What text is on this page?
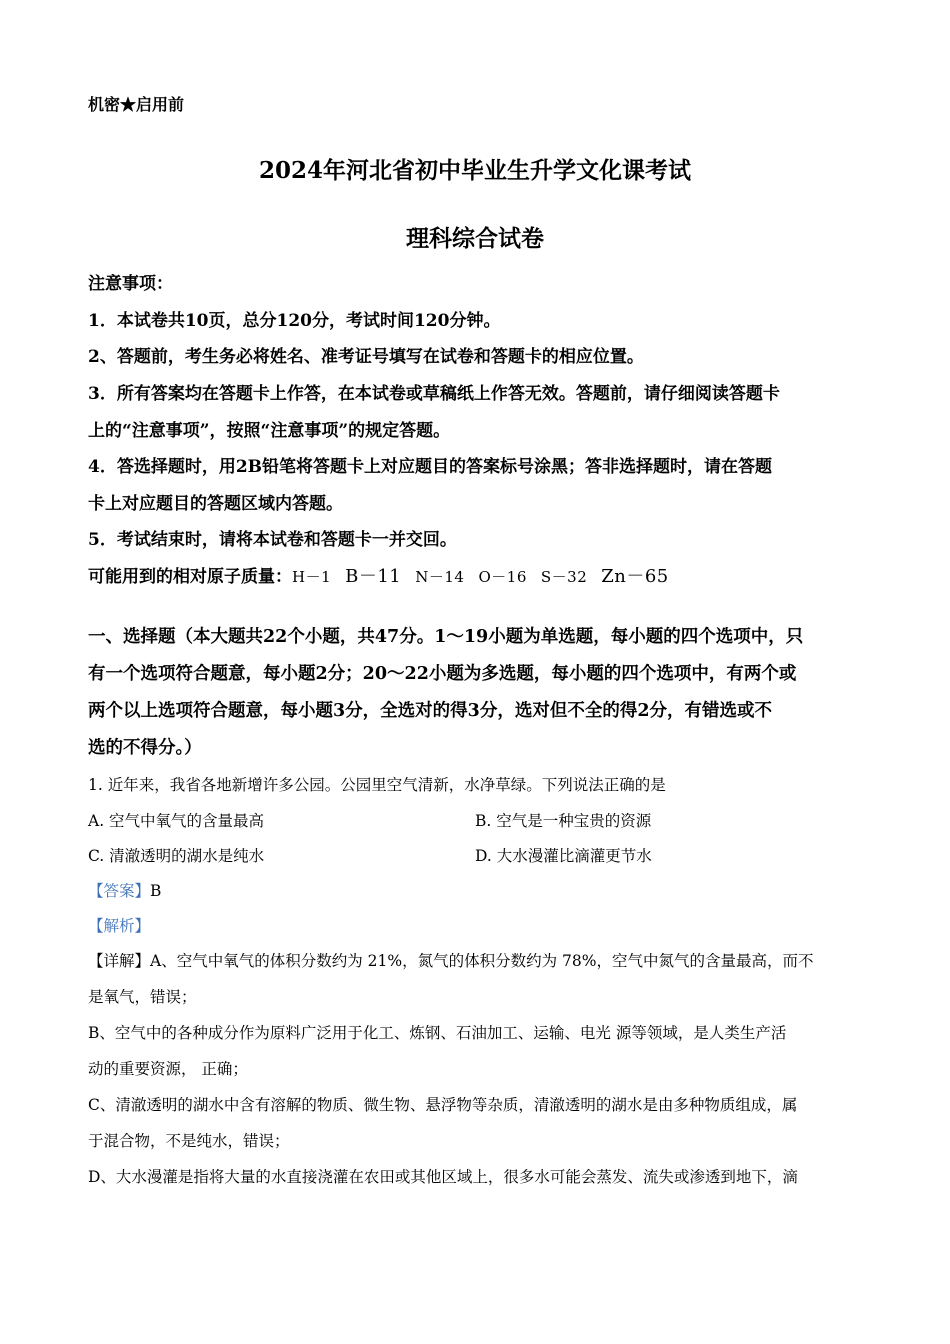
机密★启用前
2024年河北省初中毕业生升学文化课考试
理科综合试卷
注意事项：
1．本试卷共10页，总分120分，考试时间120分钟。
2、答题前，考生务必将姓名、准考证号填写在试卷和答题卡的相应位置。
3．所有答案均在答题卡上作答，在本试卷或草稿纸上作答无效。答题前，请仔细阅读答题卡
上的“注意事项”，按照“注意事项”的规定答题。
4．答选择题时，用2B铅笔将答题卡上对应题目的答案标号涂黑；答非选择题时，请在答题
卡上对应题目的答题区域内答题。
5．考试结束时，请将本试卷和答题卡一并交回。
可能用到的相对原子质量：H－1 B－11 N－14 O－16 S－32 Zn－65
一、选择题（本大题共22个小题，共47分。1～19小题为单选题，每小题的四个选项中，只
有一个选项符合题意，每小题2分；20～22小题为多选题，每小题的四个选项中，有两个或
两个以上选项符合题意，每小题3分，全选对的得3分，选对但不全的得2分，有错选或不
选的不得分。）
1. 近年来，我省各地新增许多公园。公园里空气清新，水净草绿。下列说法正确的是
A. 空气中氧气的含量最高	B. 空气是一种宝贵的资源
C. 清澈透明的湖水是纯水	D. 大水漫灌比滴灌更节水
【答案】B
【解析】
【详解】A、空气中氧气的体积分数约为 21%，氮气的体积分数约为 78%，空气中氮气的含量最高，而不
是氧气，错误；
B、空气中的各种成分作为原料广泛用于化工、炼钢、石油加工、运输、电光 源等领域，是人类生产活
动的重要资源， 正确；
C、清澈透明的湖水中含有溶解的物质、微生物、悬浮物等杂质，清澈透明的湖水是由多种物质组成，属
于混合物，不是纯水，错误；
D、大水漫灌是指将大量的水直接浇灌在农田或其他区域上，很多水可能会蒸发、流失或渗透到地下，滴
